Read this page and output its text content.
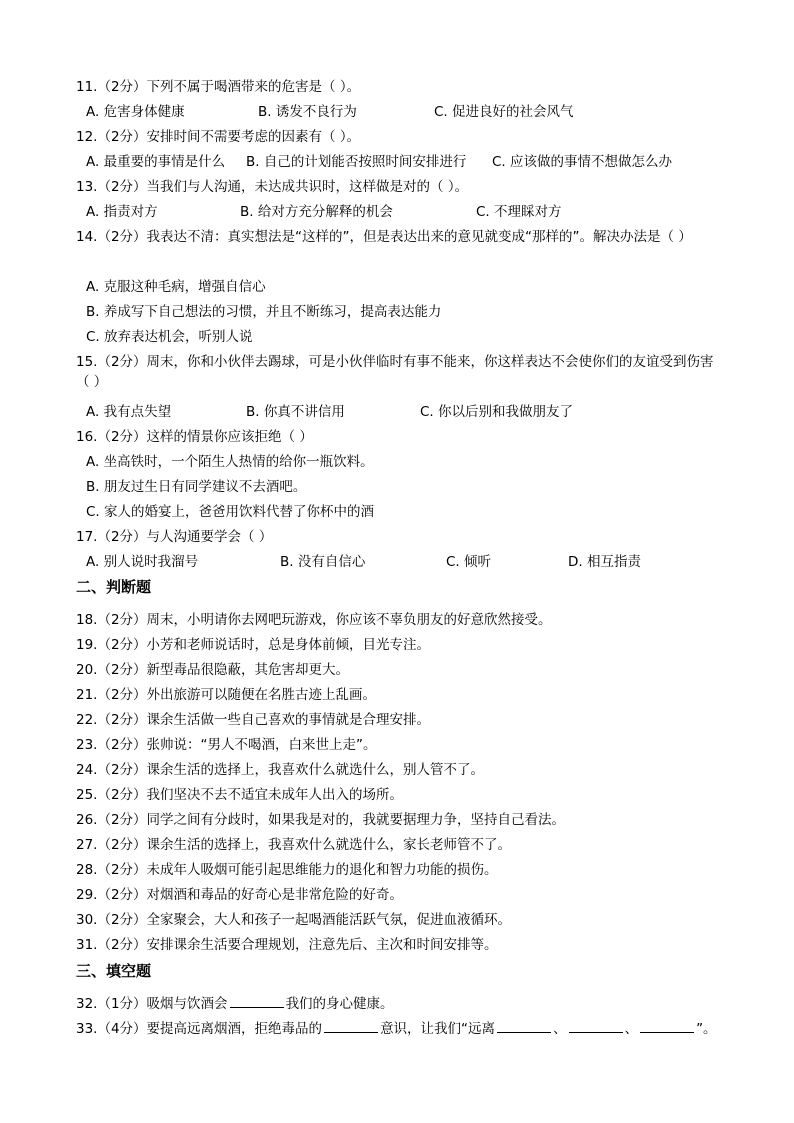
11.（2分）下列不属于喝酒带来的危害是（ ）。
A. 危害身体健康	B. 诱发不良行为	C. 促进良好的社会风气
12.（2分）安排时间不需要考虑的因素有（ ）。
A. 最重要的事情是什么 B. 自己的计划能否按照时间安排进行 C. 应该做的事情不想做怎么办
13.（2分）当我们与人沟通，未达成共识时，这样做是对的（ ）。
A. 指责对方	B. 给对方充分解释的机会	C. 不理睬对方
14.（2分）我表达不清：真实想法是“这样的”，但是表达出来的意见就变成“那样的”。解决办法是（ ）
A. 克服这种毛病，增强自信心
B. 养成写下自己想法的习惯，并且不断练习，提高表达能力
C. 放弃表达机会，听别人说
15.（2分）周末，你和小伙伴去踢球，可是小伙伴临时有事不能来，你这样表达不会使你们的友谊受到伤害（ ）
A. 我有点失望	B. 你真不讲信用	C. 你以后别和我做朋友了
16.（2分）这样的情景你应该拒绝（ ）
A. 坐高铁时，一个陌生人热情的给你一瓶饮料。
B. 朋友过生日有同学建议不去酒吧。
C. 家人的婚宴上，爸爸用饮料代替了你杯中的酒
17.（2分）与人沟通要学会（ ）
A. 别人说时我溜号	B. 没有自信心	C. 倾听	D. 相互指责
二、判断题
18.（2分）周末，小明请你去网吧玩游戏，你应该不辜负朋友的好意欣然接受。
19.（2分）小芳和老师说话时，总是身体前倾，目光专注。
20.（2分）新型毒品很隐蔽，其危害却更大。
21.（2分）外出旅游可以随便在名胜古迹上乱画。
22.（2分）课余生活做一些自己喜欢的事情就是合理安排。
23.（2分）张帅说：“男人不喝酒，白来世上走”。
24.（2分）课余生活的选择上，我喜欢什么就选什么，别人管不了。
25.（2分）我们坚决不去不适宜未成年人出入的场所。
26.（2分）同学之间有分歧时，如果我是对的，我就要据理力争，坚持自己看法。
27.（2分）课余生活的选择上，我喜欢什么就选什么，家长老师管不了。
28.（2分）未成年人吸烟可能引起思维能力的退化和智力功能的损伤。
29.（2分）对烟酒和毒品的好奇心是非常危险的好奇。
30.（2分）全家聚会，大人和孩子一起喝酒能活跃气氛，促进血液循环。
31.（2分）安排课余生活要合理规划，注意先后、主次和时间安排等。
三、填空题
32.（1分）吸烟与饮酒会	我们的身心健康。
33.（4分）要提高远离烟酒，拒绝毒品的	意识，让我们“远离	、	、	”。
